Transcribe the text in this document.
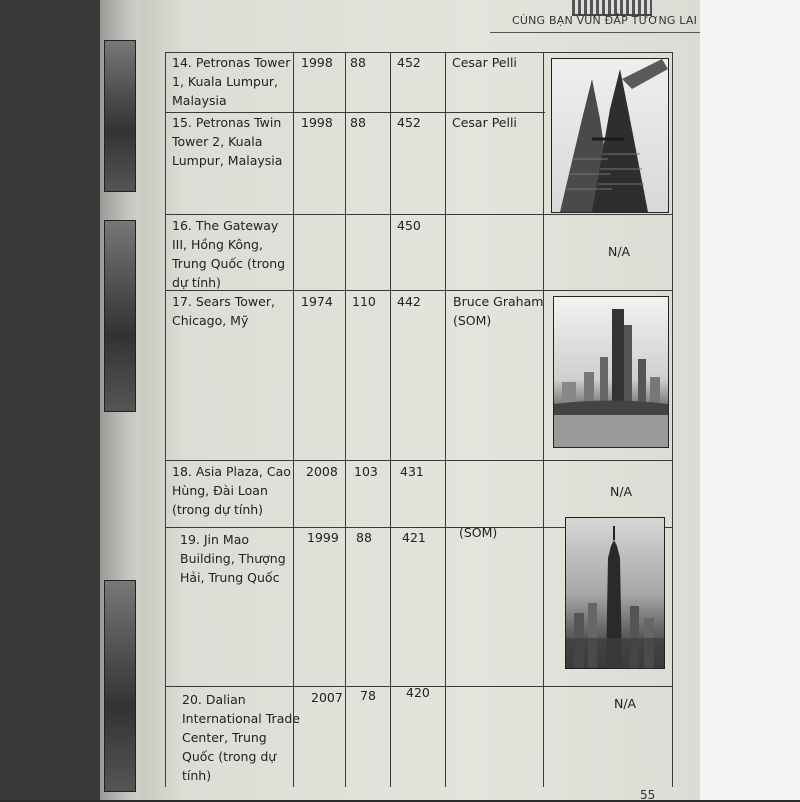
CÙNG BẠN VUN ĐẮP TƯƠNG LAI
14. Petronas Tower
1, Kuala Lumpur,
Malaysia
1998 88 452 Cesar Pelli
15. Petronas Twin
Tower 2, Kuala
Lumpur, Malaysia
1998 88 452 Cesar Pelli
16. The Gateway
III, Hồng Kông,
Trung Quốc (trong
dự tính)
450
N/A
17. Sears Tower,
Chicago, Mỹ
1974 110 442	Bruce Graham
(SOM)
18. Asia Plaza, Cao
Hùng, Đài Loan
(trong dự tính)
2008 103 431
N/A
19. Jin Mao
Building, Thượng
Hải, Trung Quốc
1999 88 421	(SOM)
20. Dalian
International Trade
Center, Trung
Quốc (trong dự
tính)
2007 78 420
N/A
55
